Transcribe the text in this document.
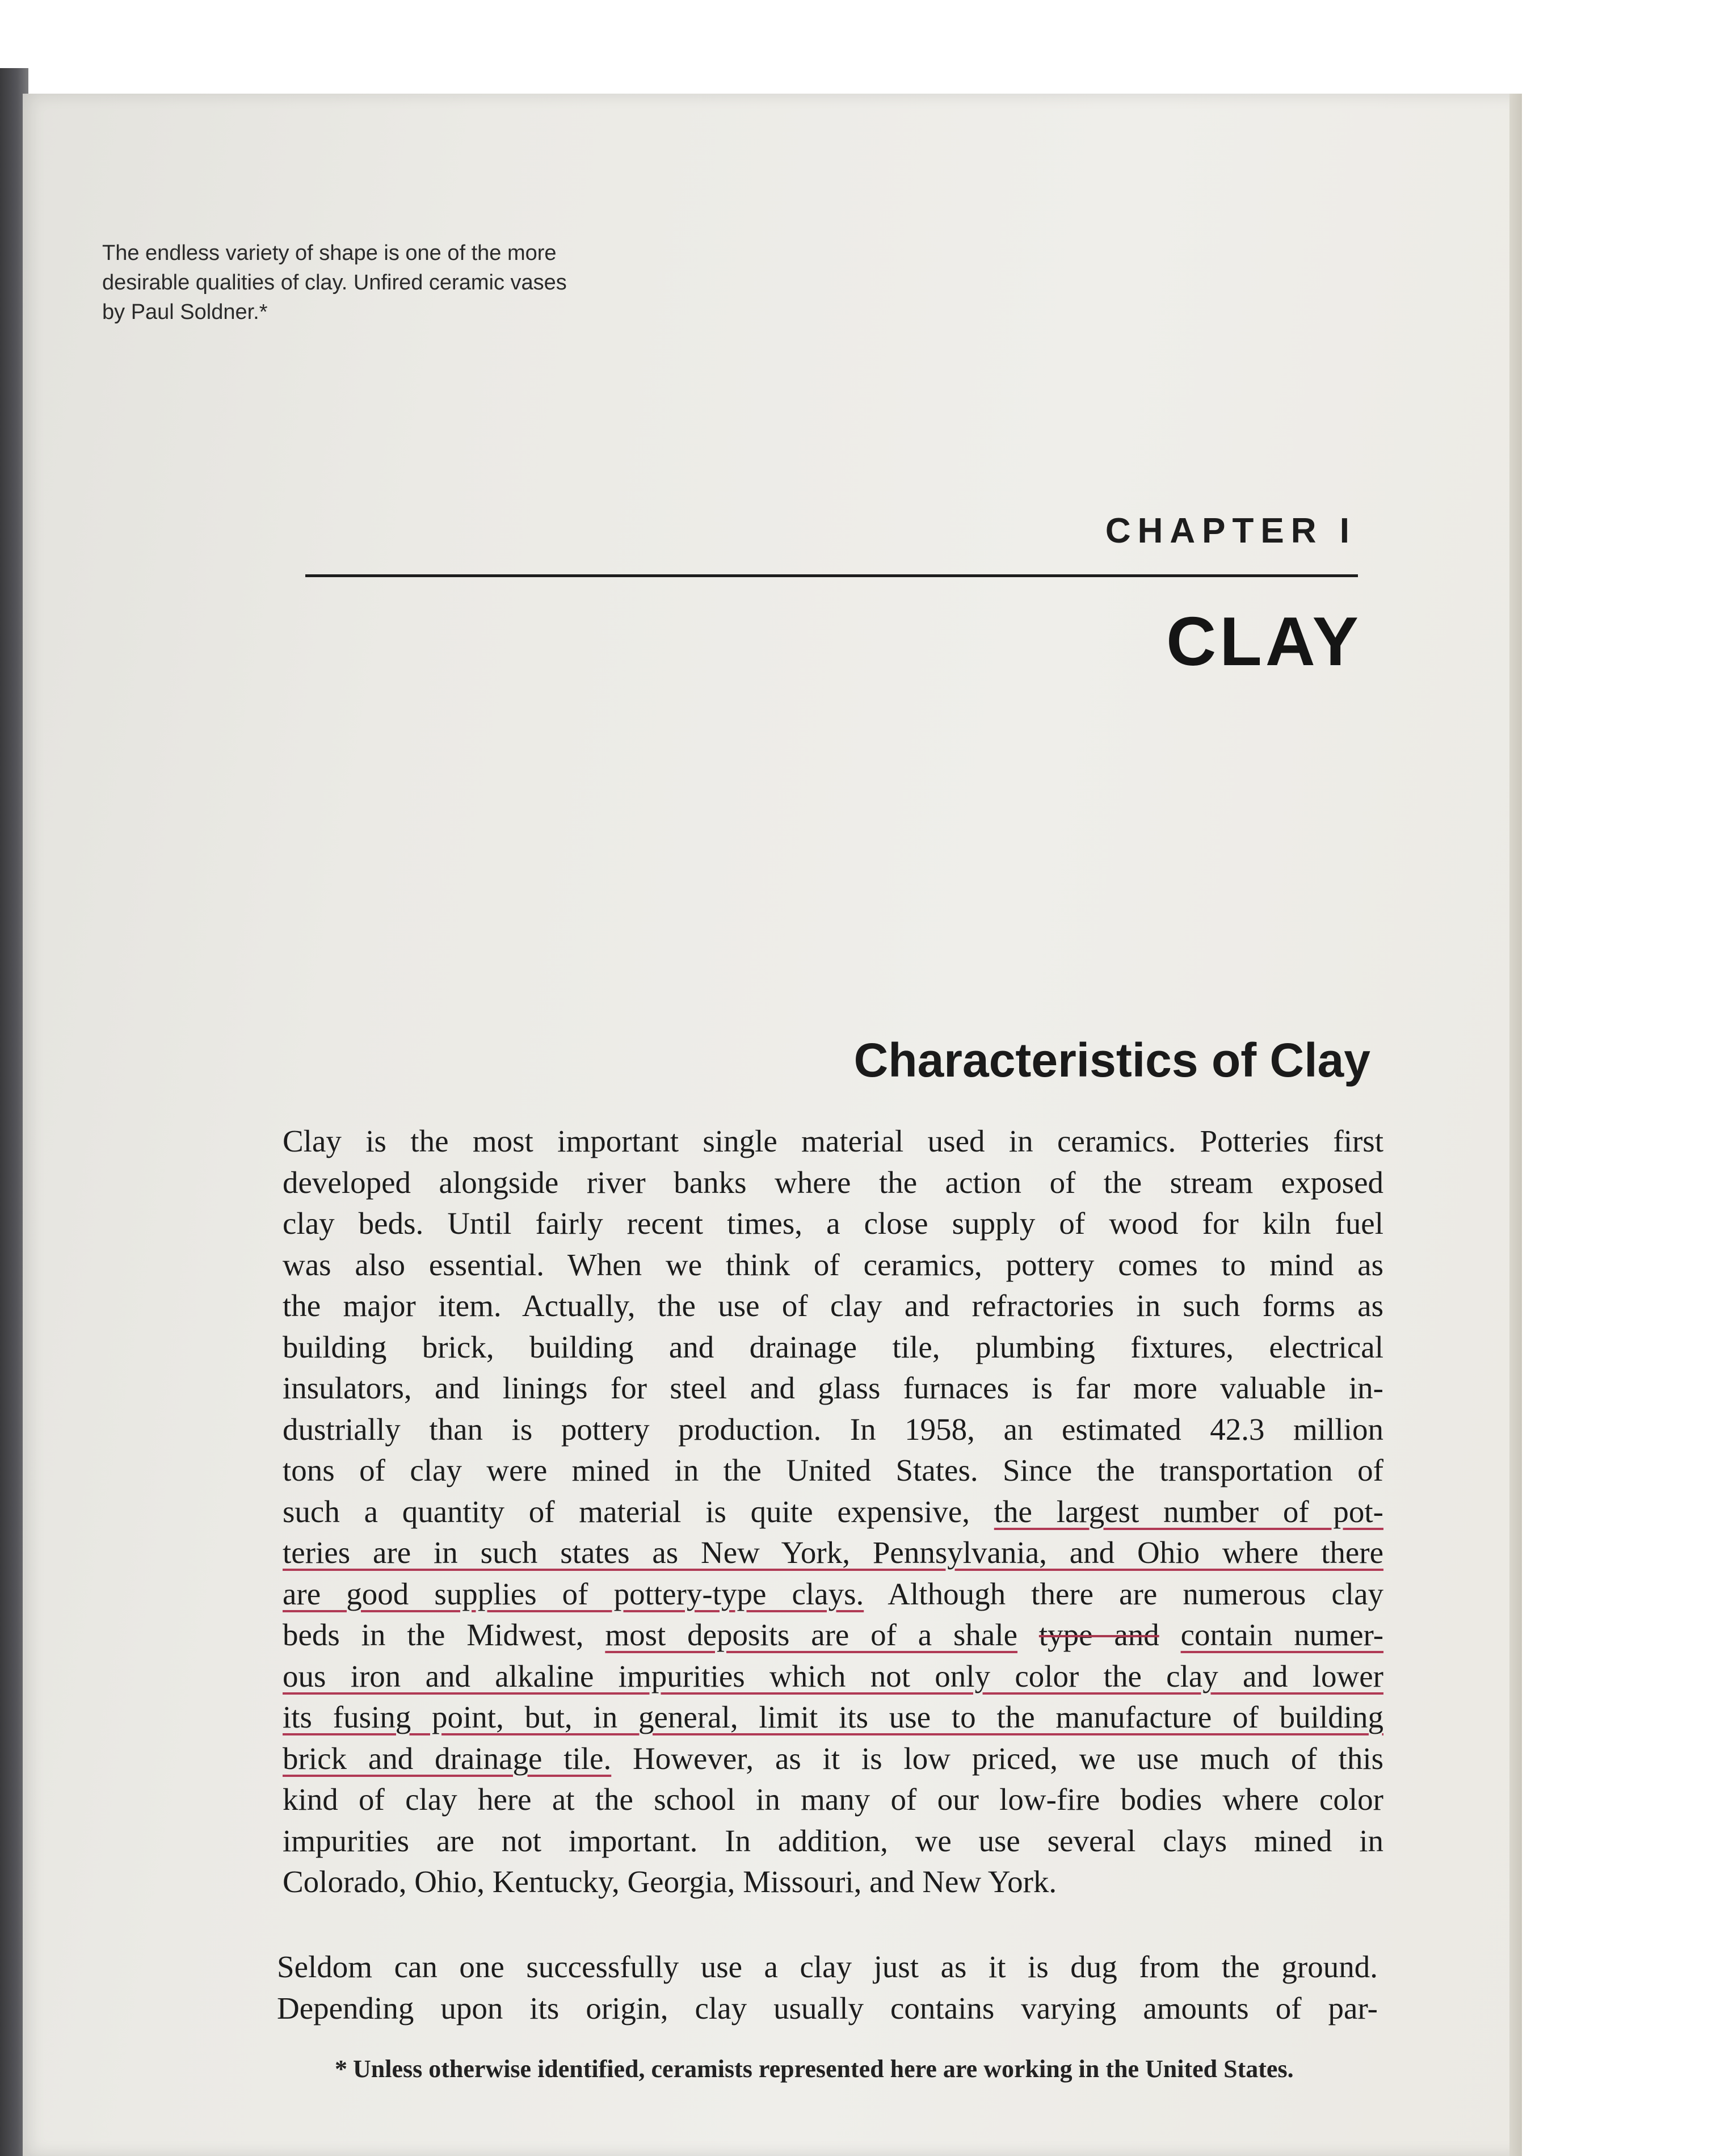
The endless variety of shape is one of the more
desirable qualities of clay. Unfired ceramic vases
by Paul Soldner.*
CHAPTER I
CLAY
Characteristics of Clay
Clay is the most important single material used in ceramics. Potteries first
developed alongside river banks where the action of the stream exposed
clay beds. Until fairly recent times, a close supply of wood for kiln fuel
was also essential. When we think of ceramics, pottery comes to mind as
the major item. Actually, the use of clay and refractories in such forms as
building brick, building and drainage tile, plumbing fixtures, electrical
insulators, and linings for steel and glass furnaces is far more valuable in-
dustrially than is pottery production. In 1958, an estimated 42.3 million
tons of clay were mined in the United States. Since the transportation of
such a quantity of material is quite expensive, the largest number of pot-
teries are in such states as New York, Pennsylvania, and Ohio where there
are good supplies of pottery-type clays. Although there are numerous clay
beds in the Midwest, most deposits are of a shale type and contain numer-
ous iron and alkaline impurities which not only color the clay and lower
its fusing point, but, in general, limit its use to the manufacture of building
brick and drainage tile. However, as it is low priced, we use much of this
kind of clay here at the school in many of our low-fire bodies where color
impurities are not important. In addition, we use several clays mined in
Colorado, Ohio, Kentucky, Georgia, Missouri, and New York.
Seldom can one successfully use a clay just as it is dug from the ground.
Depending upon its origin, clay usually contains varying amounts of par-
* Unless otherwise identified, ceramists represented here are working in the United States.
